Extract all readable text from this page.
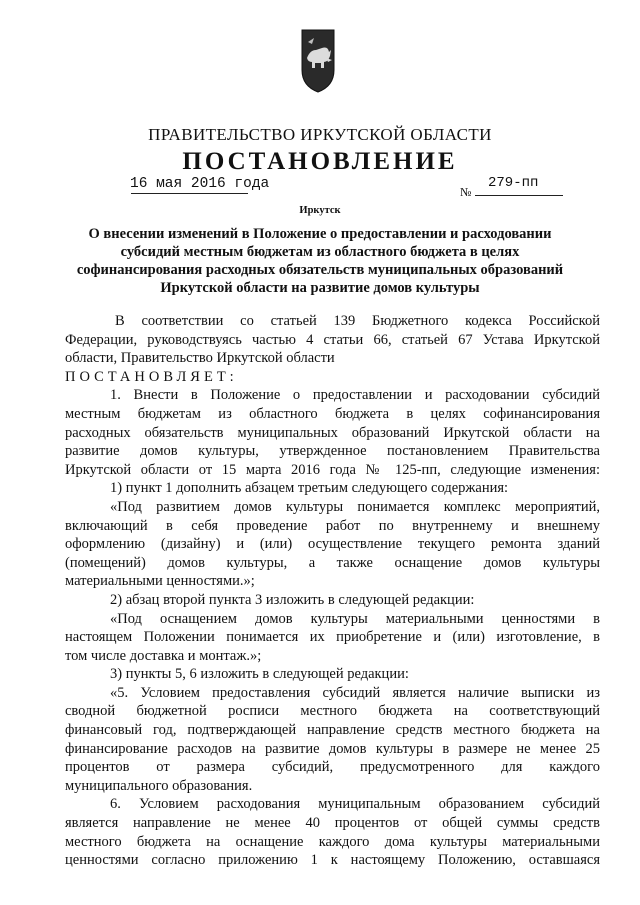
ПРАВИТЕЛЬСТВО ИРКУТСКОЙ ОБЛАСТИ
ПОСТАНОВЛЕНИЕ
16 мая 2016 года	№
279-пп
Иркутск
О внесении изменений в Положение о предоставлении и расходовании
субсидий местным бюджетам из областного бюджета в целях
софинансирования расходных обязательств муниципальных образований
Иркутской области на развитие домов культуры
В соответствии со статьей 139 Бюджетного кодекса Российской
Федерации, руководствуясь частью 4 статьи 66, статьей 67 Устава Иркутской
области, Правительство Иркутской области
ПОСТАНОВЛЯЕТ:
1. Внести в Положение о предоставлении и расходовании субсидий
местным бюджетам из областного бюджета в целях софинансирования
расходных обязательств муниципальных образований Иркутской области на
развитие домов культуры, утвержденное постановлением Правительства
Иркутской области от 15 марта 2016 года № 125-пп, следующие изменения:
1) пункт 1 дополнить абзацем третьим следующего содержания:
«Под развитием домов культуры понимается комплекс мероприятий,
включающий в себя проведение работ по внутреннему и внешнему
оформлению (дизайну) и (или) осуществление текущего ремонта зданий
(помещений) домов культуры, а также оснащение домов культуры
материальными ценностями.»;
2) абзац второй пункта 3 изложить в следующей редакции:
«Под оснащением домов культуры материальными ценностями в
настоящем Положении понимается их приобретение и (или) изготовление, в
том числе доставка и монтаж.»;
3) пункты 5, 6 изложить в следующей редакции:
«5. Условием предоставления субсидий является наличие выписки из
сводной бюджетной росписи местного бюджета на соответствующий
финансовый год, подтверждающей направление средств местного бюджета на
финансирование расходов на развитие домов культуры в размере не менее 25
процентов от размера субсидий, предусмотренного для каждого
муниципального образования.
6. Условием расходования муниципальным образованием субсидий
является направление не менее 40 процентов от общей суммы средств
местного бюджета на оснащение каждого дома культуры материальными
ценностями согласно приложению 1 к настоящему Положению, оставшаяся
